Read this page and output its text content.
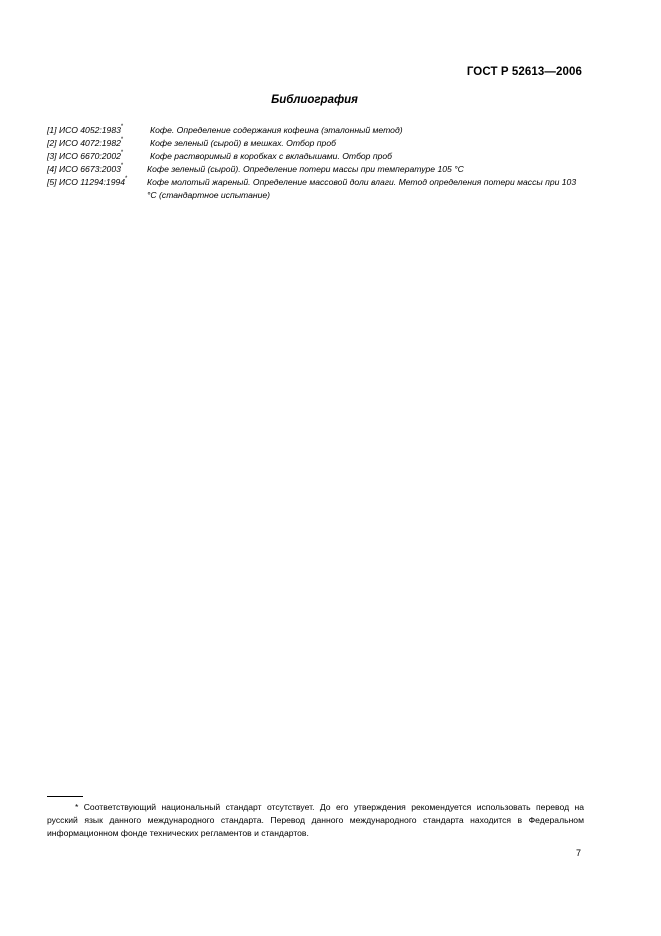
ГОСТ Р 52613—2006
Библиография
[1] ИСО 4052:1983*	Кофе. Определение содержания кофеина (эталонный метод)
[2] ИСО 4072:1982*	Кофе зеленый (сырой) в мешках. Отбор проб
[3] ИСО 6670:2002*	Кофе растворимый в коробках с вкладышами. Отбор проб
[4] ИСО 6673:2003*	Кофе зеленый (сырой). Определение потери массы при температуре 105 °С
[5] ИСО 11294:1994* Кофе молотый жареный. Определение массовой доли влаги. Метод определения потери массы при 103 °С (стандартное испытание)
* Соответствующий национальный стандарт отсутствует. До его утверждения рекомендуется использовать перевод на русский язык данного международного стандарта. Перевод данного международного стандарта находится в Федеральном информационном фонде технических регламентов и стандартов.
7
